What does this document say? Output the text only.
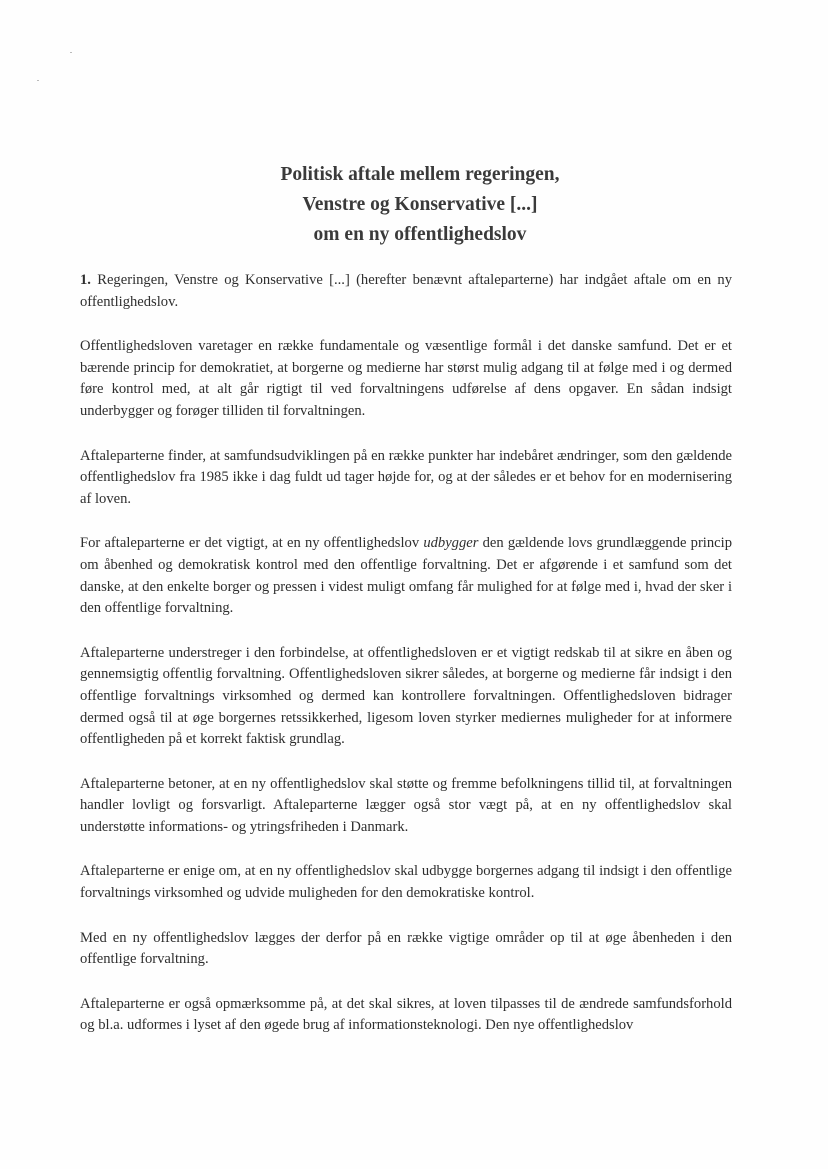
Politisk aftale mellem regeringen,
Venstre og Konservative [...]
om en ny offentlighedslov

1. Regeringen, Venstre og Konservative [...] (herefter benævnt aftaleparterne) har indgået aftale om en ny offentlighedslov.

Offentlighedsloven varetager en række fundamentale og væsentlige formål i det danske samfund. Det er et bærende princip for demokratiet, at borgerne og medierne har størst mulig adgang til at følge med i og dermed føre kontrol med, at alt går rigtigt til ved forvaltningens udførelse af dens opgaver. En sådan indsigt underbygger og forøger tilliden til forvaltningen.

Aftaleparterne finder, at samfundsudviklingen på en række punkter har indebåret ændringer, som den gældende offentlighedslov fra 1985 ikke i dag fuldt ud tager højde for, og at der således er et behov for en modernisering af loven.

For aftaleparterne er det vigtigt, at en ny offentlighedslov udbygger den gældende lovs grundlæggende princip om åbenhed og demokratisk kontrol med den offentlige forvaltning. Det er afgørende i et samfund som det danske, at den enkelte borger og pressen i videst muligt omfang får mulighed for at følge med i, hvad der sker i den offentlige forvaltning.

Aftaleparterne understreger i den forbindelse, at offentlighedsloven er et vigtigt redskab til at sikre en åben og gennemsigtig offentlig forvaltning. Offentlighedsloven sikrer således, at borgerne og medierne får indsigt i den offentlige forvaltnings virksomhed og dermed kan kontrollere forvaltningen. Offentlighedsloven bidrager dermed også til at øge borgernes retssikkerhed, ligesom loven styrker mediernes muligheder for at informere offentligheden på et korrekt faktisk grundlag.

Aftaleparterne betoner, at en ny offentlighedslov skal støtte og fremme befolkningens tillid til, at forvaltningen handler lovligt og forsvarligt. Aftaleparterne lægger også stor vægt på, at en ny offentlighedslov skal understøtte informations- og ytringsfriheden i Danmark.

Aftaleparterne er enige om, at en ny offentlighedslov skal udbygge borgernes adgang til indsigt i den offentlige forvaltnings virksomhed og udvide muligheden for den demokratiske kontrol.

Med en ny offentlighedslov lægges der derfor på en række vigtige områder op til at øge åbenheden i den offentlige forvaltning.

Aftaleparterne er også opmærksomme på, at det skal sikres, at loven tilpasses til de ændrede samfundsforhold og bl.a. udformes i lyset af den øgede brug af informationsteknologi. Den nye offentlighedslov
